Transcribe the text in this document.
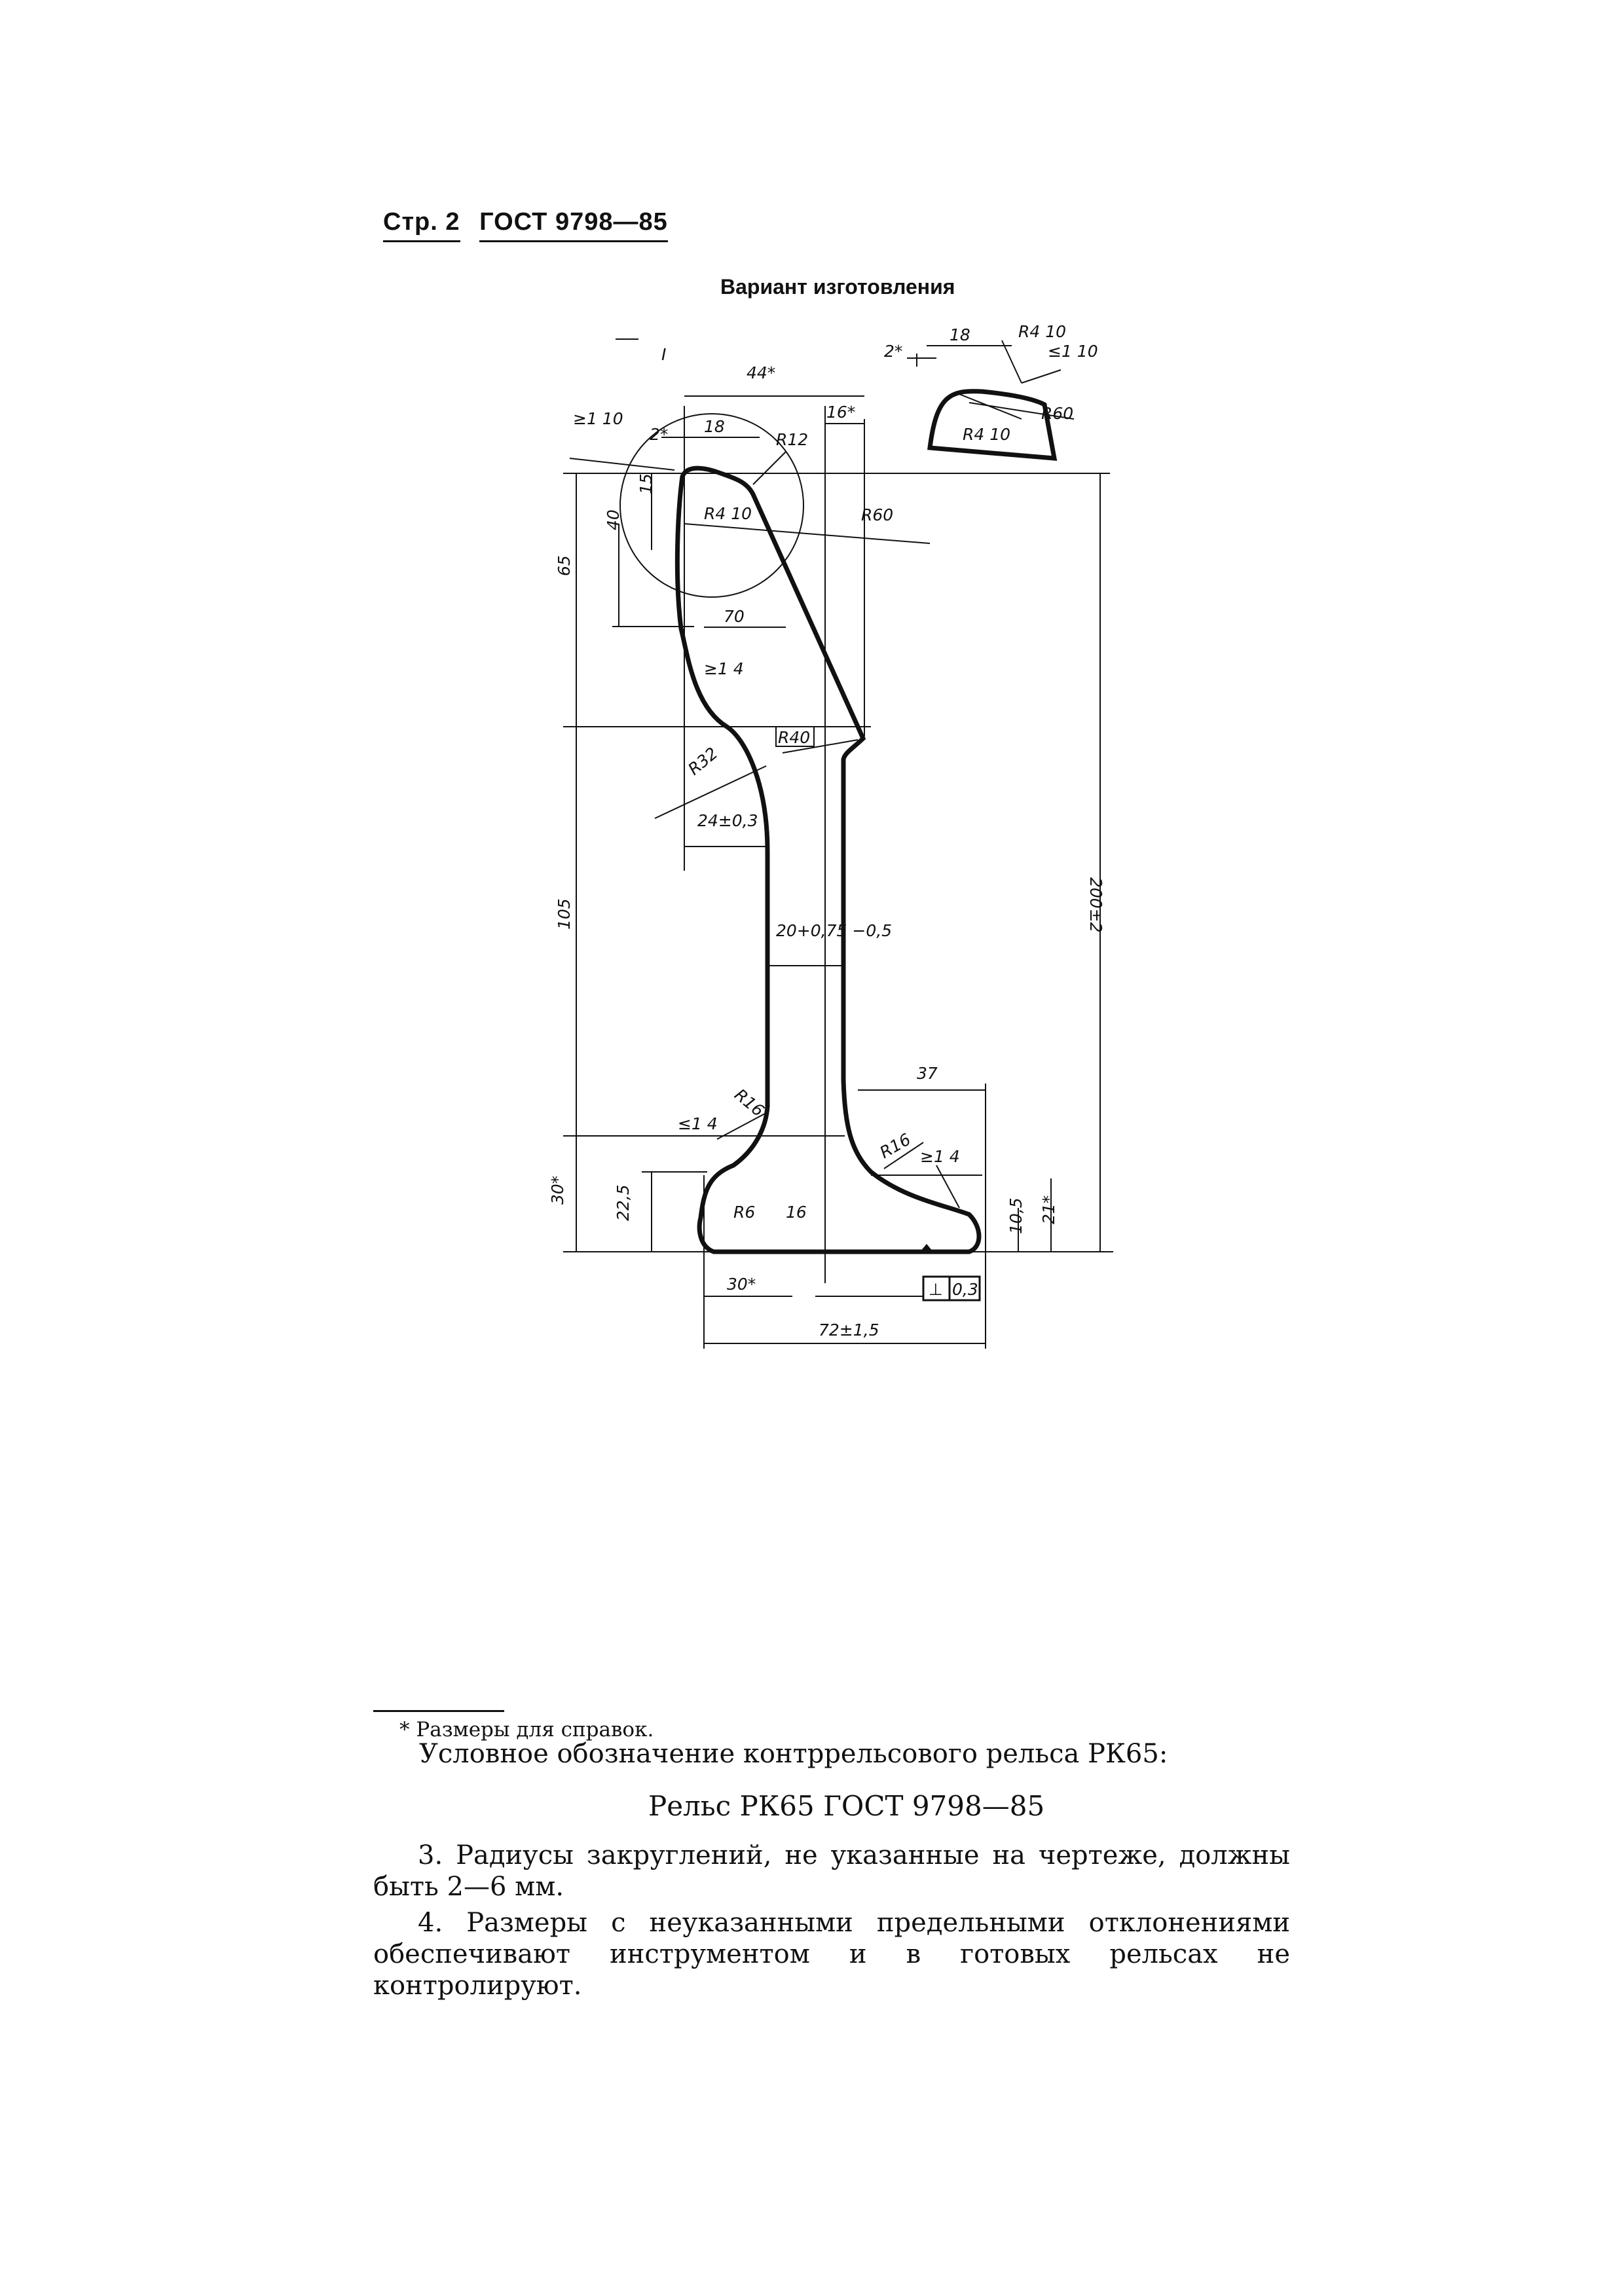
Стр. 2 ГОСТ 9798—85
Вариант изготовления
I
44*
16*
18
2*
≥1 10
R12
R4 10	R60
15
40
65
70
≥1 4
R40
R32
24±0,3
105
20+0,75 −0,5	200±2
37
R16
R16
≤1 4
≥1 4
30*	22,5	R6 16	10,5 21*
30*
72±1,5
⊥ 0,3
18
2*
R4 10
≤1 10
R60
R4 10
* Размеры для справок.
Условное обозначение контррельсового рельса РК65:
Рельс РК65 ГОСТ 9798—85
3. Радиусы закруглений, не указанные на чертеже, должны быть 2—6 мм.
4. Размеры с неуказанными предельными отклонениями обеспечивают инструментом и в готовых рельсах не контролируют.
